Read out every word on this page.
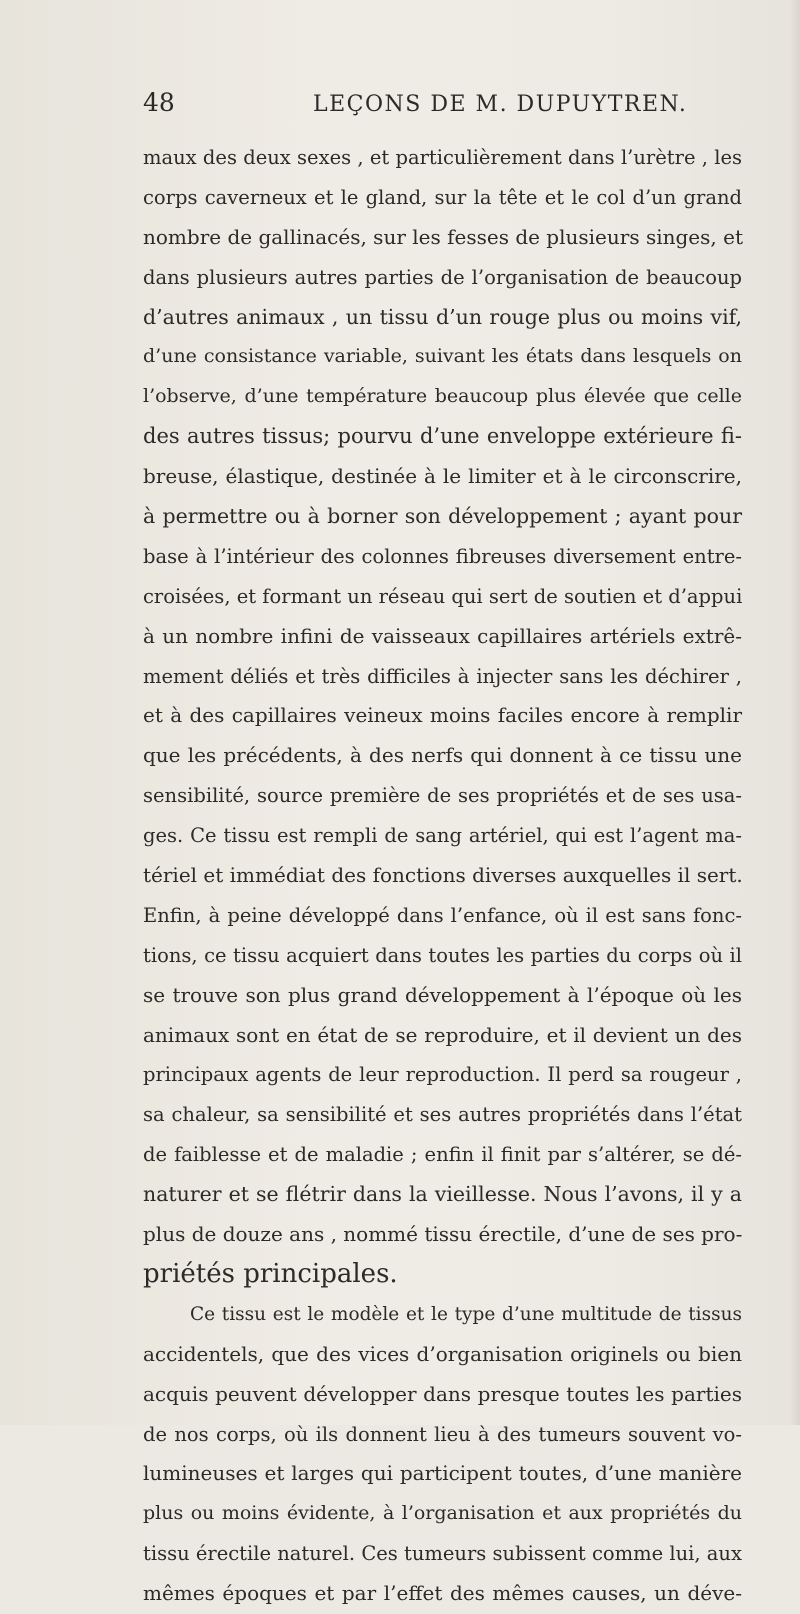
48	LEÇONS DE M. DUPUYTREN.
maux des deux sexes , et particulièrement dans l’urètre , les
corps caverneux et le gland, sur la tête et le col d’un grand
nombre de gallinacés, sur les fesses de plusieurs singes, et
dans plusieurs autres parties de l’organisation de beaucoup
d’autres animaux , un tissu d’un rouge plus ou moins vif,
d’une consistance variable, suivant les états dans lesquels on
l’observe, d’une température beaucoup plus élevée que celle
des autres tissus; pourvu d’une enveloppe extérieure fi-
breuse, élastique, destinée à le limiter et à le circonscrire,
à permettre ou à borner son développement ; ayant pour
base à l’intérieur des colonnes fibreuses diversement entre-
croisées, et formant un réseau qui sert de soutien et d’appui
à un nombre infini de vaisseaux capillaires artériels extrê-
mement déliés et très difficiles à injecter sans les déchirer ,
et à des capillaires veineux moins faciles encore à remplir
que les précédents, à des nerfs qui donnent à ce tissu une
sensibilité, source première de ses propriétés et de ses usa-
ges. Ce tissu est rempli de sang artériel, qui est l’agent ma-
tériel et immédiat des fonctions diverses auxquelles il sert.
Enfin, à peine développé dans l’enfance, où il est sans fonc-
tions, ce tissu acquiert dans toutes les parties du corps où il
se trouve son plus grand développement à l’époque où les
animaux sont en état de se reproduire, et il devient un des
principaux agents de leur reproduction. Il perd sa rougeur ,
sa chaleur, sa sensibilité et ses autres propriétés dans l’état
de faiblesse et de maladie ; enfin il finit par s’altérer, se dé-
naturer et se flétrir dans la vieillesse. Nous l’avons, il y a
plus de douze ans , nommé tissu érectile, d’une de ses pro-
priétés principales.
Ce tissu est le modèle et le type d’une multitude de tissus
accidentels, que des vices d’organisation originels ou bien
acquis peuvent développer dans presque toutes les parties
de nos corps, où ils donnent lieu à des tumeurs souvent vo-
lumineuses et larges qui participent toutes, d’une manière
plus ou moins évidente, à l’organisation et aux propriétés du
tissu érectile naturel. Ces tumeurs subissent comme lui, aux
mêmes époques et par l’effet des mêmes causes, un déve-
